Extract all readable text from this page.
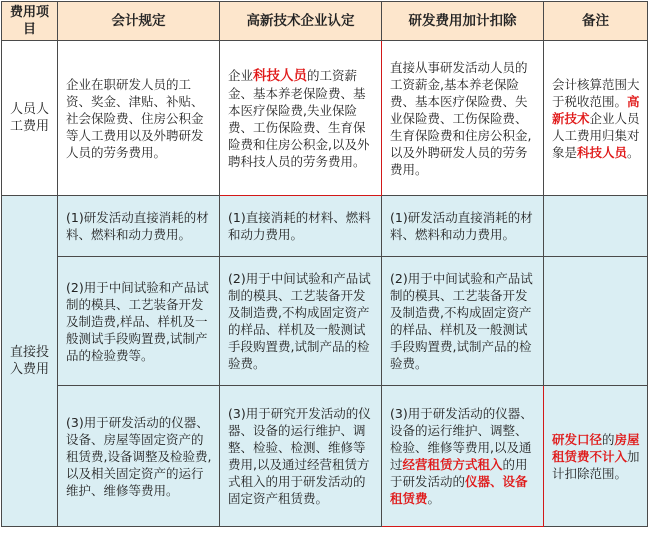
费用项目	会计规定	高新技术企业认定	研发费用加计扣除	备注
人员人工费用	企业在职研发人员的工资、奖金、津贴、补贴、社会保险费、住房公积金等人工费用以及外聘研发人员的劳务费用。	企业科技人员的工资薪金、基本养老保险费、基本医疗保险费,失业保险费、工伤保险费、生育保险费和住房公积金,以及外聘科技人员的劳务费用。	直接从事研发活动人员的工资薪金,基本养老保险费、基本医疗保险费、失业保险费、工伤保险费、生育保险费和住房公积金,以及外聘研发人员的劳务费用。	会计核算范围大于税收范围。高新技术企业人员人工费用归集对象是科技人员。
直接投入费用	(1)研发活动直接消耗的材料、燃料和动力费用。	(1)直接消耗的材料、燃料和动力费用。	(1)研发活动直接消耗的材料、燃料和动力费用。	
	(2)用于中间试验和产品试制的模具、工艺装备开发及制造费,样品、样机及一般测试手段购置费,试制产品的检验费等。	(2)用于中间试验和产品试制的模具、工艺装备开发及制造费,不构成固定资产的样品、样机及一般测试手段购置费,试制产品的检验费。	(2)用于中间试验和产品试制的模具、工艺装备开发及制造费,不构成固定资产的样品、样机及一般测试手段购置费,试制产品的检验费。	
	(3)用于研发活动的仪器、设备、房屋等固定资产的租赁费,设备调整及检验费,以及相关固定资产的运行维护、维修等费用。	(3)用于研究开发活动的仪器、设备的运行维护、调整、检验、检测、维修等费用,以及通过经营租赁方式租入的用于研发活动的固定资产租赁费。	(3)用于研发活动的仪器、设备的运行维护、调整、检验、维修等费用,以及通过经营租赁方式租入的用于研发活动的仪器、设备租赁费。	研发口径的房屋租赁费不计入加计扣除范围。
